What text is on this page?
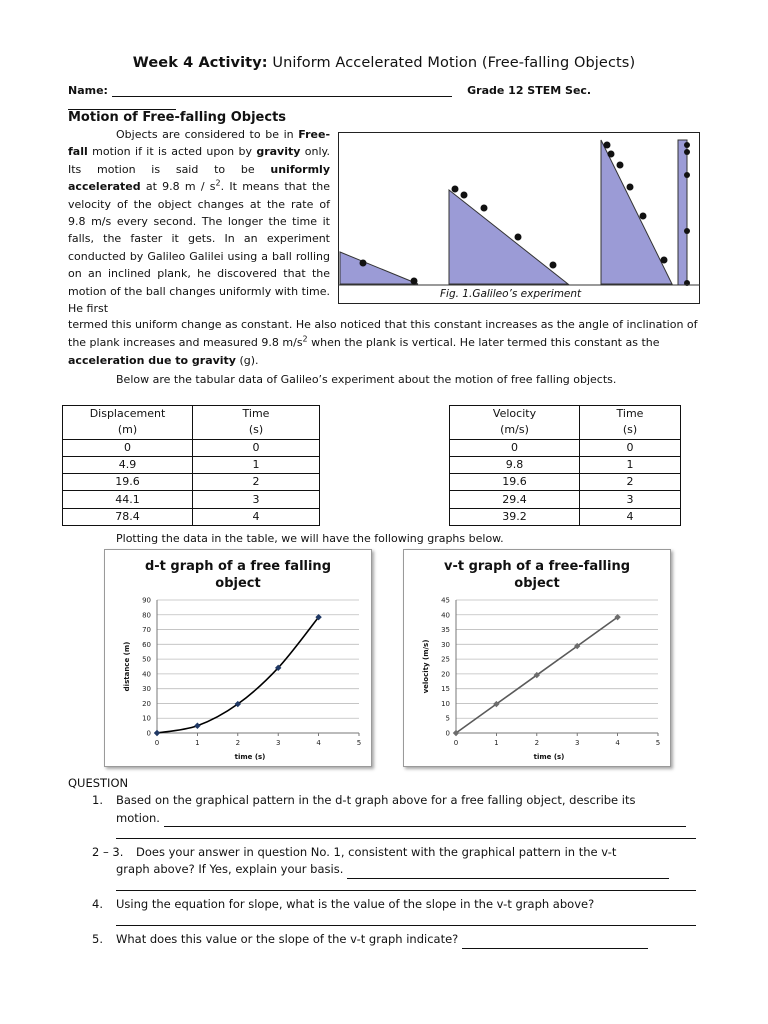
Week 4 Activity: Uniform Accelerated Motion (Free-falling Objects)
Name:	Grade 12 STEM Sec.
Motion of Free-falling Objects

Objects are considered to be in Free-fall motion if it is acted upon by gravity only. Its motion is said to be uniformly accelerated at 9.8 m / $s^2$. It means that the velocity of the object changes at the rate of 9.8 m/s every second. The longer the time it falls, the faster it gets. In an experiment conducted by Galileo Galilei using a ball rolling on an inclined plank, he discovered that the motion of the ball changes uniformly with time. He first

Fig. 1.Galileo’s experiment
termed this uniform change as constant. He also noticed that this constant increases as the angle of inclination of the plank increases and measured 9.8 $m/s^2$ when the plank is vertical. He later termed this constant as the acceleration due to gravity (g).
Below are the tabular data of Galileo’s experiment about the motion of free falling objects.
Displacement	Time
(m)	(s)
0	0
4.9	1
19.6	2
44.1	3
78.4	4
Velocity	Time
(m/s)	(s)
0	0
9.8	1
19.6	2
29.4	3
39.2	4
Plotting the data in the table, we will have the following graphs below.
d-t graph of a free falling
object
0
10
20
30
40
50
60
70
80
90
0	1	2	3	4	5
time (s)
distance (m)
v-t graph of a free-falling
object
0
5
10
15
20
25
30
35
40
45
0	1	2	3	4	5
time (s)
velocity (m/s)
QUESTION
1. Based on the graphical pattern in the d-t graph above for a free falling object, describe its
motion.
2 – 3. Does your answer in question No. 1, consistent with the graphical pattern in the v-t
graph above? If Yes, explain your basis.
4. Using the equation for slope, what is the value of the slope in the v-t graph above?
5. What does this value or the slope of the v-t graph indicate?
